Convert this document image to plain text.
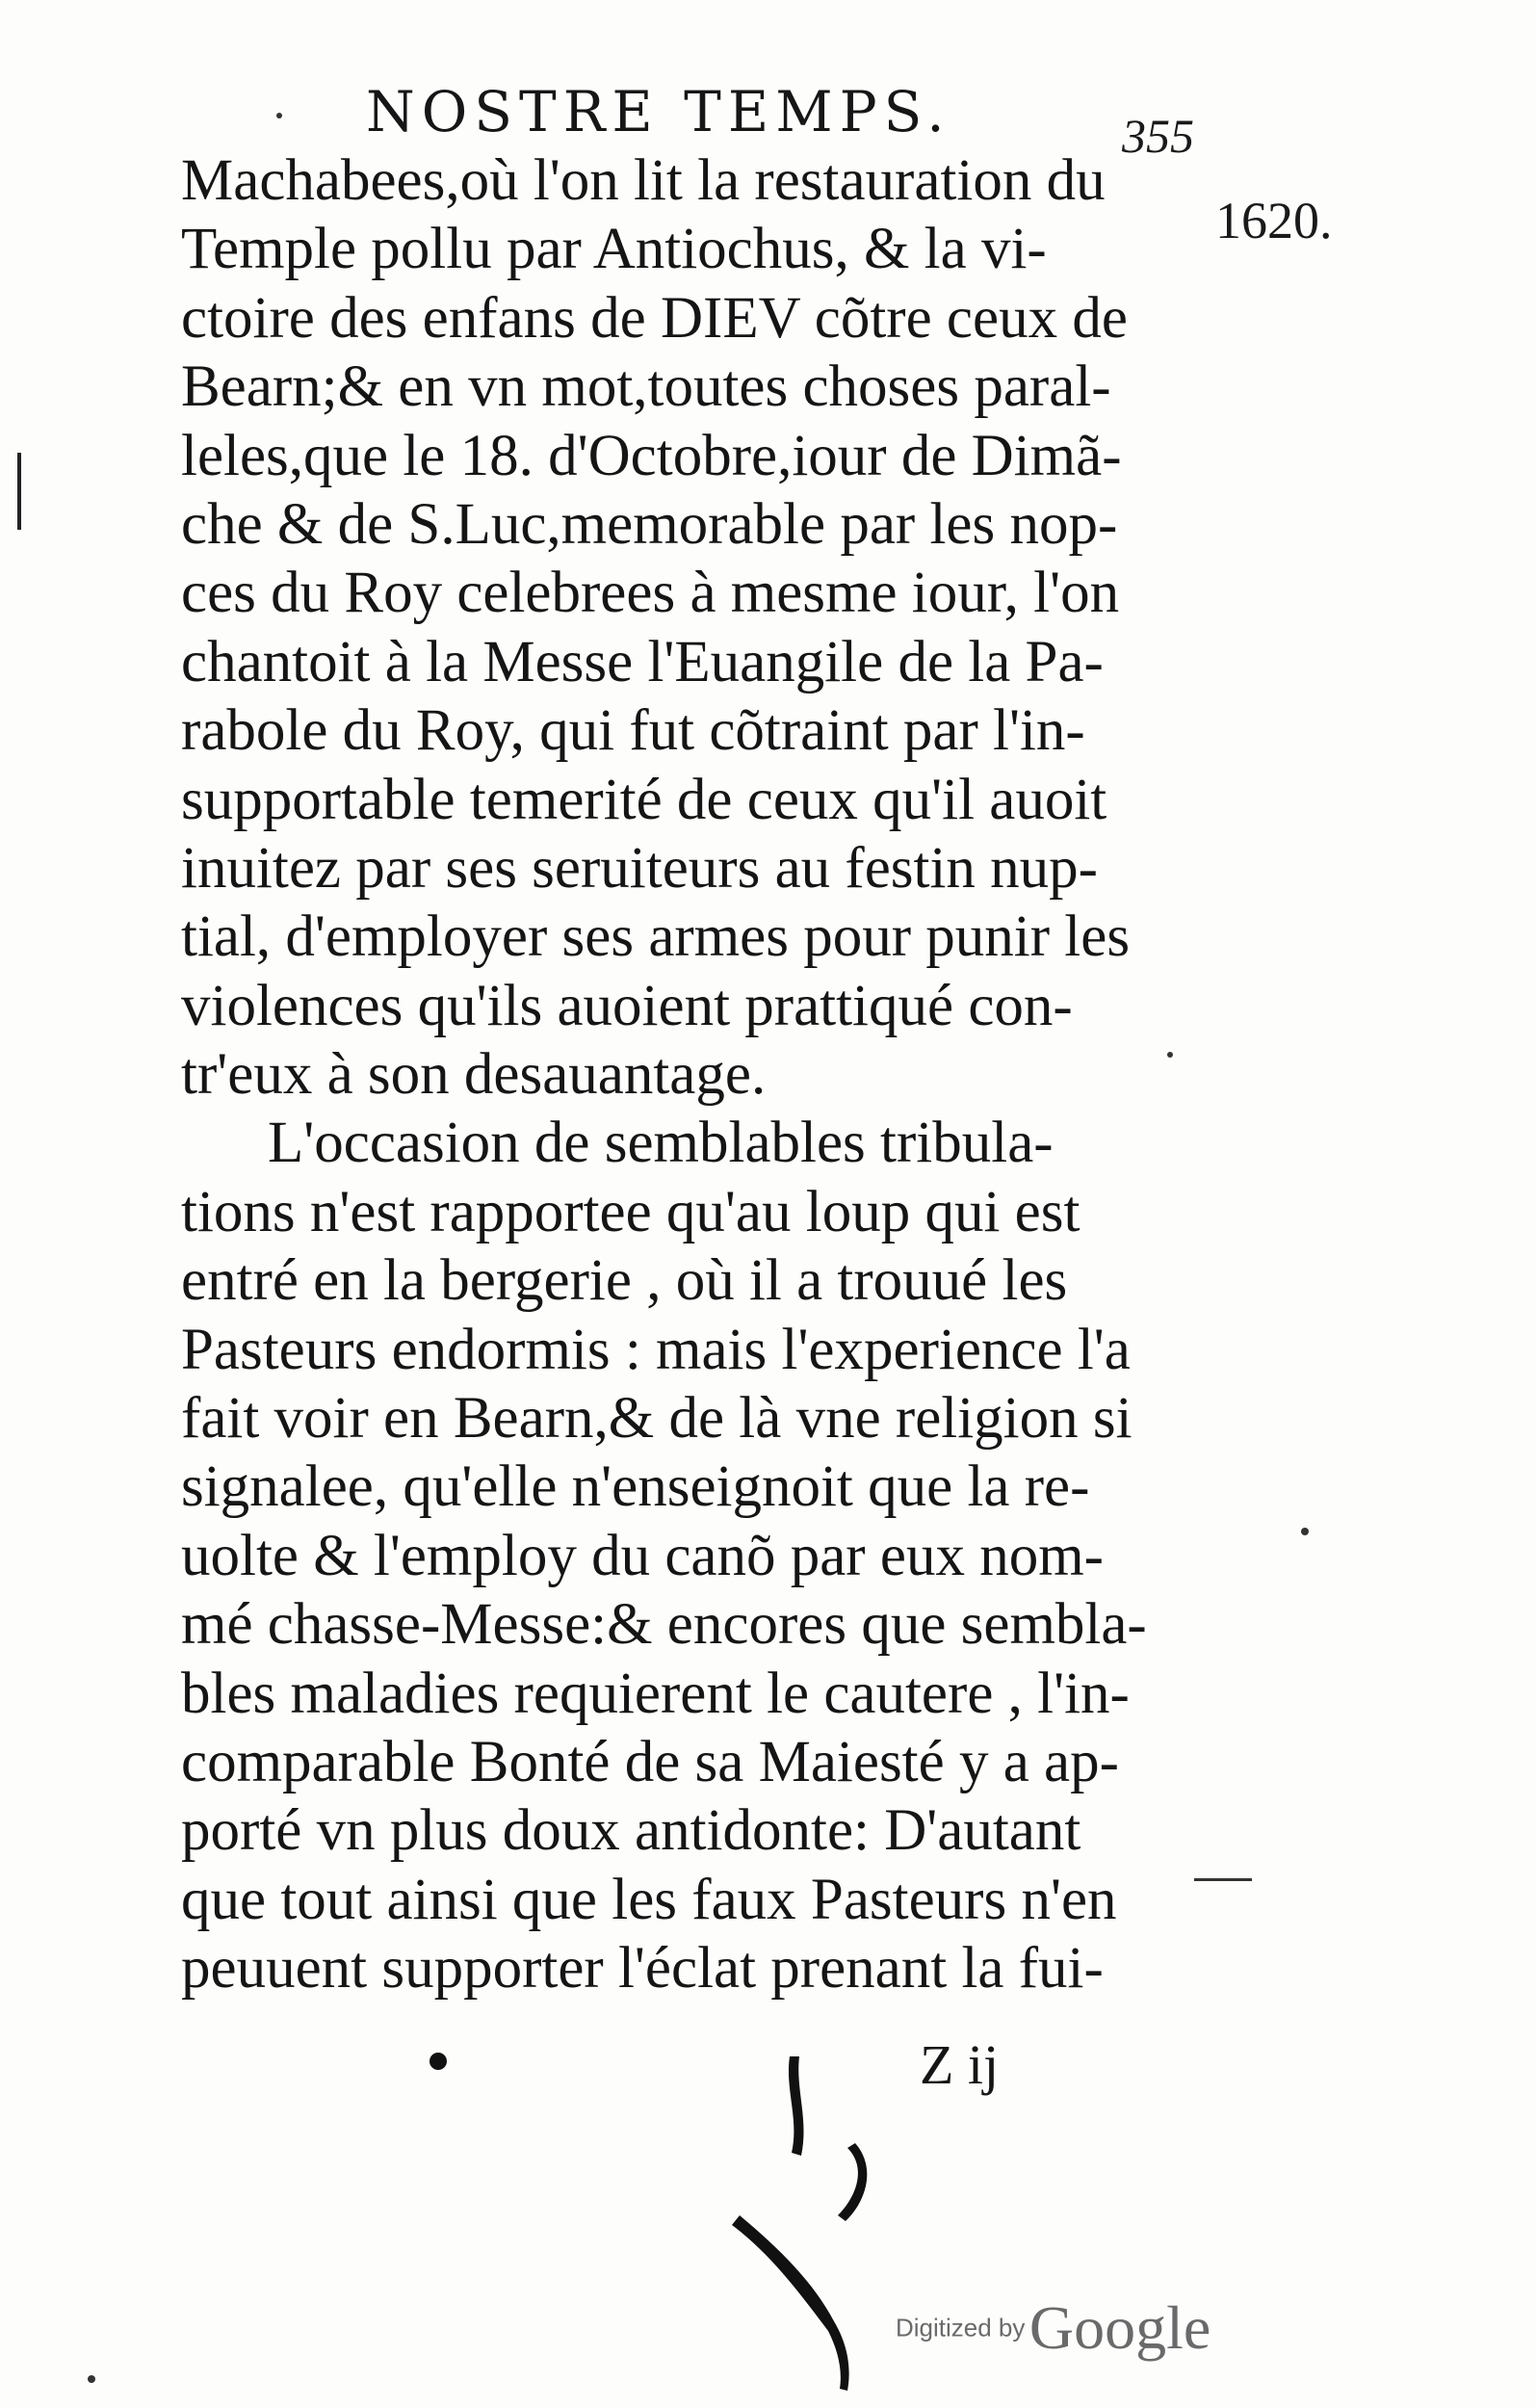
NOSTRE TEMPS.	355
1620.
Machabees,où l'on lit la restauration du
Temple pollu par Antiochus, & la vi-
ctoire des enfans de DIEV cõtre ceux de
Bearn;& en vn mot,toutes choses paral-
leles,que le 18. d'Octobre,iour de Dimã-
che & de S.Luc,memorable par les nop-
ces du Roy celebrees à mesme iour, l'on
chantoit à la Messe l'Euangile de la Pa-
rabole du Roy, qui fut cõtraint par l'in-
supportable temerité de ceux qu'il auoit
inuitez par ses seruiteurs au festin nup-
tial, d'employer ses armes pour punir les
violences qu'ils auoient prattiqué con-
tr'eux à son desauantage.
L'occasion de semblables tribula-
tions n'est rapportee qu'au loup qui est
entré en la bergerie , où il a trouué les
Pasteurs endormis : mais l'experience l'a
fait voir en Bearn,& de là vne religion si
signalee, qu'elle n'enseignoit que la re-
uolte & l'employ du canõ par eux nom-
mé chasse-Messe:& encores que sembla-
bles maladies requierent le cautere , l'in-
comparable Bonté de sa Maiesté y a ap-
porté vn plus doux antidonte: D'autant
que tout ainsi que les faux Pasteurs n'en
peuuent supporter l'éclat prenant la fui-
Z ij
Digitized by Google
